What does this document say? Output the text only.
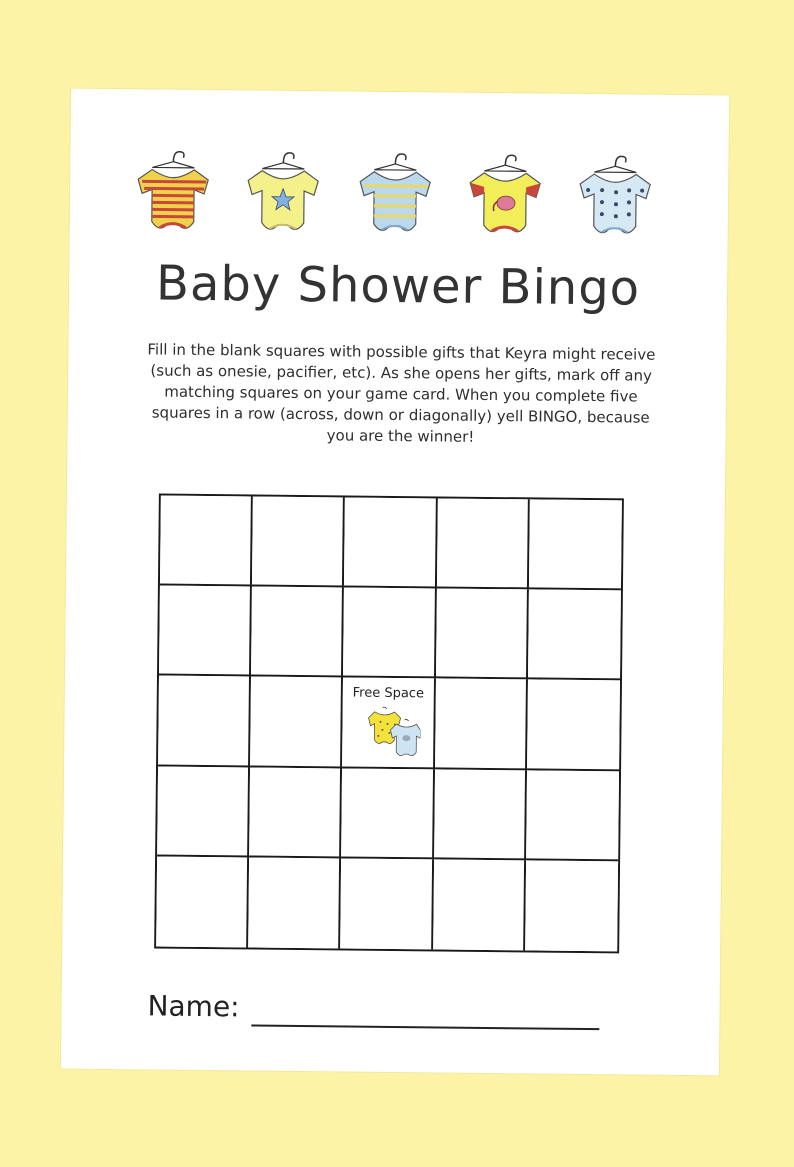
Baby Shower Bingo

Fill in the blank squares with possible gifts that Keyra might receive (such as onesie, pacifier, etc). As she opens her gifts, mark off any matching squares on your game card. When you complete five squares in a row (across, down or diagonally) yell BINGO, because you are the winner!

Free Space
Name:
